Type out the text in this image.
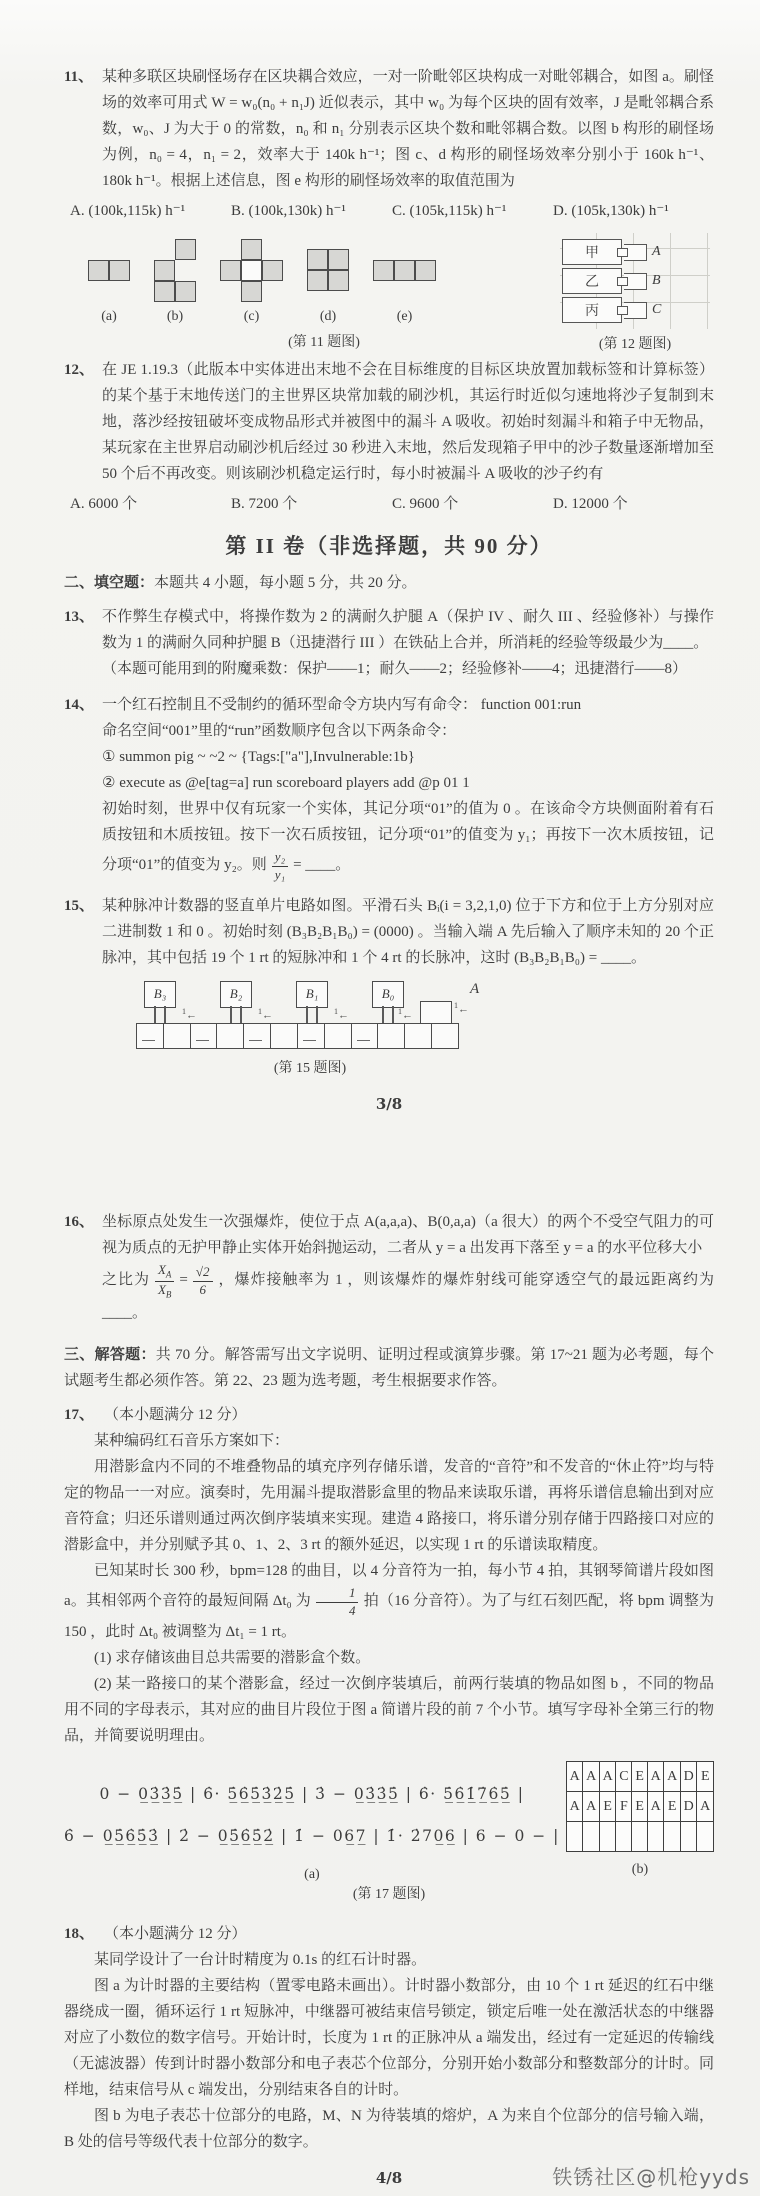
11、 某种多联区块刷怪场存在区块耦合效应，一对一阶毗邻区块构成一对毗邻耦合，如图 a。刷怪场的效率可用式 W = w₀(n₀ + n₁J) 近似表示，其中 w₀ 为每个区块的固有效率，J 是毗邻耦合系数，w₀、J 为大于 0 的常数，n₀ 和 n₁ 分别表示区块个数和毗邻耦合数。以图 b 构形的刷怪场为例，n₀ = 4，n₁ = 2，效率大于 140k h⁻¹；图 c、d 构形的刷怪场效率分别小于 160k h⁻¹、180k h⁻¹。根据上述信息，图 e 构形的刷怪场效率的取值范围为

A. (100k,115k) h⁻¹	B. (100k,130k) h⁻¹	C. (105k,115k) h⁻¹	D. (105k,130k) h⁻¹
(a)	(b)	(c)	(d)	(e)
(第 11 题图)
甲	A
乙	B
丙	C
(第 12 题图)
12、 在 JE 1.19.3（此版本中实体进出末地不会在目标维度的目标区块放置加载标签和计算标签）的某个基于末地传送门的主世界区块常加载的刷沙机，其运行时近似匀速地将沙子复制到末地，落沙经按钮破坏变成物品形式并被图中的漏斗 A 吸收。初始时刻漏斗和箱子中无物品，某玩家在主世界启动刷沙机后经过 30 秒进入末地，然后发现箱子甲中的沙子数量逐渐增加至 50 个后不再改变。则该刷沙机稳定运行时，每小时被漏斗 A 吸收的沙子约有

A. 6000 个	B. 7200 个	C. 9600 个	D. 12000 个
第 II 卷（非选择题，共 90 分）

二、填空题：本题共 4 小题，每小题 5 分，共 20 分。

13、 不作弊生存模式中，将操作数为 2 的满耐久护腿 A（保护 IV 、耐久 III 、经验修补）与操作数为 1 的满耐久同种护腿 B（迅捷潜行 III ）在铁砧上合并，所消耗的经验等级最少为____。

（本题可能用到的附魔乘数：保护——1；耐久——2；经验修补——4；迅捷潜行——8）

14、 一个红石控制且不受制约的循环型命令方块内写有命令： function 001:run

命名空间“001”里的“run”函数顺序包含以下两条命令：

① summon pig ~ ~2 ~ {Tags:["a"],Invulnerable:1b}

② execute as @e[tag=a] run scoreboard players add @p 01 1

初始时刻，世界中仅有玩家一个实体，其记分项“01”的值为 0 。在该命令方块侧面附着有石质按钮和木质按钮。按下一次石质按钮，记分项“01”的值变为 y₁；再按下一次木质按钮，记分项“01”的值变为 y₂。则 $\frac{\text{y₂}}{\text{y₁}}$ = ____。

15、 某种脉冲计数器的竖直单片电路如图。平滑石头 Bᵢ(i = 3,2,1,0) 位于下方和位于上方分别对应二进制数 1 和 0 。初始时刻 (B₃B₂B₁B₀) = (0000) 。当输入端 A 先后输入了顺序未知的 20 个正脉冲，其中包括 19 个 1 rt 的短脉冲和 1 个 4 rt 的长脉冲，这时 (B₃B₂B₁B₀) = ____。

B₃	B₂	B₁	B₀
$^1$←	$^1$←	$^1$←	$^1$←
$^1$←
A
(第 15 题图)
3/8
16、 坐标原点处发生一次强爆炸，使位于点 A(a,a,a)、B(0,a,a)（a 很大）的两个不受空气阻力的可视为质点的无护甲静止实体开始斜抛运动，二者从 y = a 出发再下落至 y = a 的水平位移大小

之比为 $\frac{X_A}{X_B} = \frac{√2}{6}$ ，爆炸接触率为 1 ，则该爆炸的爆炸射线可能穿透空气的最远距离约为____。

三、解答题：共 70 分。解答需写出文字说明、证明过程或演算步骤。第 17~21 题为必考题，每个试题考生都必须作答。第 22、23 题为选考题，考生根据要求作答。

17、 （本小题满分 12 分）

某种编码红石音乐方案如下：

用潜影盒内不同的不堆叠物品的填充序列存储乐谱，发音的“音符”和不发音的“休止符”均与特定的物品一一对应。演奏时，先用漏斗提取潜影盒里的物品来读取乐谱，再将乐谱信息输出到对应音符盒；归还乐谱则通过两次倒序装填来实现。建造 4 路接口，将乐谱分别存储于四路接口对应的潜影盒中，并分别赋予其 0、1、2、3 rt 的额外延迟，以实现 1 rt 的乐谱读取精度。

已知某时长 300 秒，bpm=128 的曲目，以 4 分音符为一拍，每小节 4 拍，其钢琴简谱片段如图 a。其相邻两个音符的最短间隔 Δt₀ 为 $\frac{1}{4}$ 拍（16 分音符）。为了与红石刻匹配，将 bpm 调整为 150 ，此时 Δt₀ 被调整为 Δt₁ = 1 rt。

(1) 求存储该曲目总共需要的潜影盒个数。

(2) 某一路接口的某个潜影盒，经过一次倒序装填后，前两行装填的物品如图 b ，不同的物品用不同的字母表示，其对应的曲目片段位于图 a 简谱片段的前 7 个小节。填写字母补全第三行的物品，并简要说明理由。

0 − 0̲3̲̇3̲̇5̲̇ | 6̇· 5̲̇6̲̇5̲̇3̲̇2̲̇5̲̇ | 3̇ − 0̲3̲̇3̲̇5̲̇ | 6̇· 5̲̇6̲̇1̲̇7̲̇6̲̇5̲̇ |
6̇ − 0̲5̲̇6̲̇5̲̇3̲̇ | 2̇ − 0̲5̲̇6̲̇5̲̇2̲̇ | 1̇ − 06̲7̲ | 1̇· 2̇70̲6̲ | 6 − 0 − |
(a)
A	A	A	C	E	A	A	D	E
A	A	E	F	E	A	E	D	A

(b)
(第 17 题图)
18、 （本小题满分 12 分）

某同学设计了一台计时精度为 0.1s 的红石计时器。

图 a 为计时器的主要结构（置零电路未画出）。计时器小数部分，由 10 个 1 rt 延迟的红石中继器绕成一圈，循环运行 1 rt 短脉冲，中继器可被结束信号锁定，锁定后唯一处在激活状态的中继器对应了小数位的数字信号。开始计时，长度为 1 rt 的正脉冲从 a 端发出，经过有一定延迟的传输线（无滤波器）传到计时器小数部分和电子表芯个位部分，分别开始小数部分和整数部分的计时。同样地，结束信号从 c 端发出，分别结束各自的计时。

图 b 为电子表芯十位部分的电路，M、N 为待装填的熔炉，A 为来自个位部分的信号输入端，B 处的信号等级代表十位部分的数字。

4/8	铁锈社区@机枪yyds
